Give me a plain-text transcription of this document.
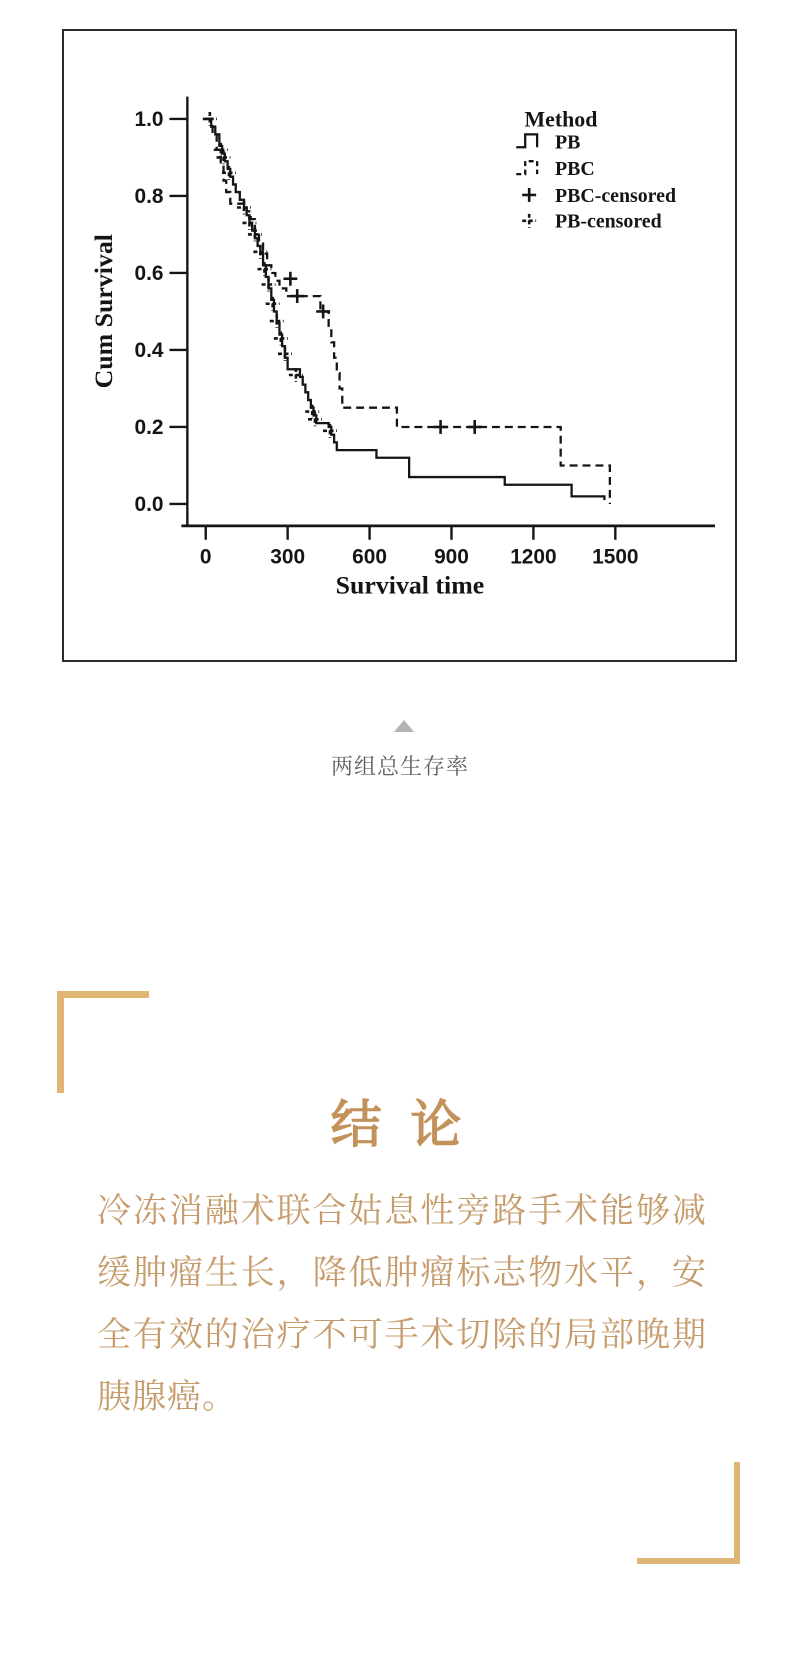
0.0
0.2
0.4
0.6
0.8
1.0
0	300 600 900 1200 1500
Survival time
Cum Survival
Method
PB
PBC
PBC-censored
PB-censored
两组总生存率
结 论
冷冻消融术联合姑息性旁路手术能够减
缓肿瘤生长，降低肿瘤标志物水平，安
全有效的治疗不可手术切除的局部晚期
胰腺癌。
